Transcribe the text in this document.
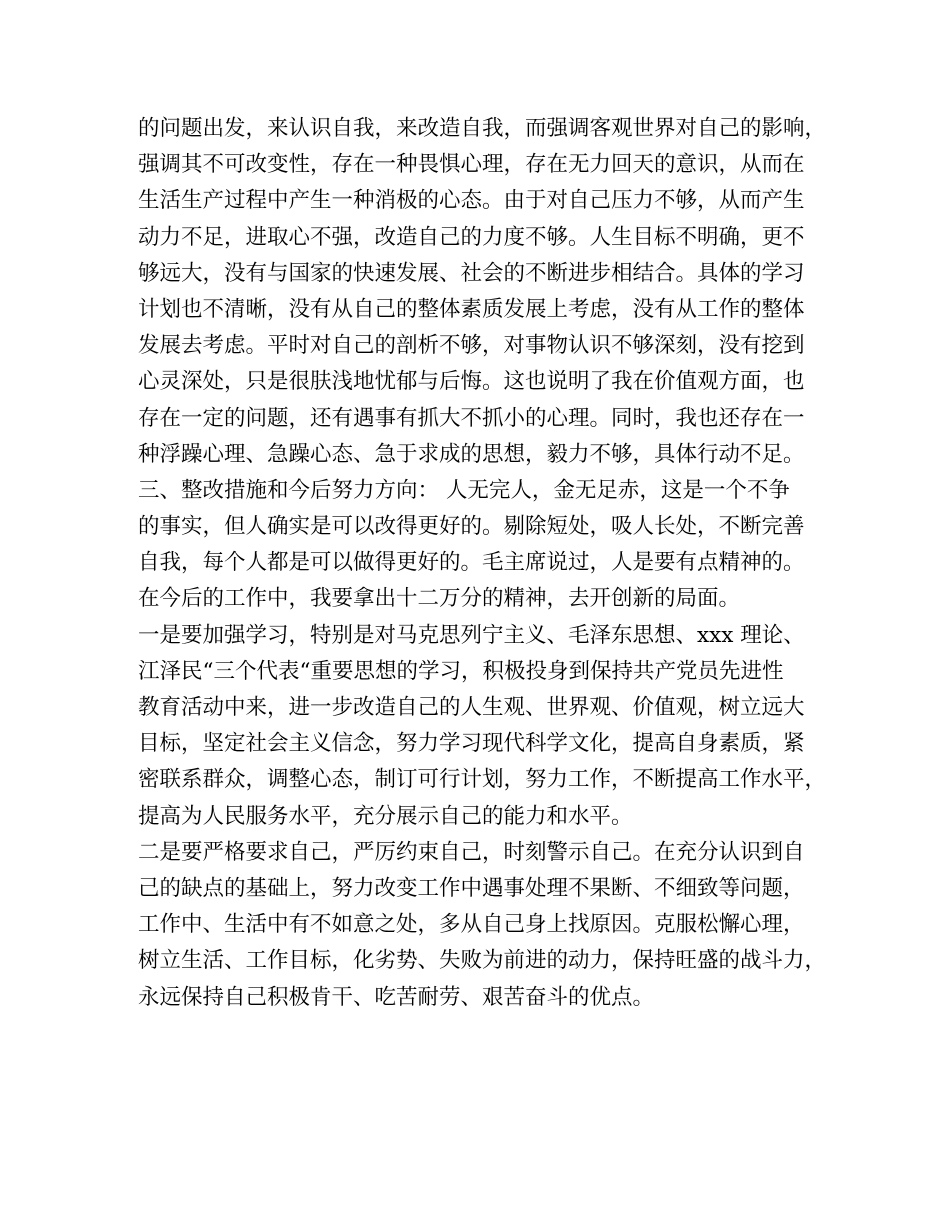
的问题出发，来认识自我，来改造自我，而强调客观世界对自己的影响，
强调其不可改变性，存在一种畏惧心理，存在无力回天的意识，从而在
生活生产过程中产生一种消极的心态。由于对自己压力不够，从而产生
动力不足，进取心不强，改造自己的力度不够。人生目标不明确，更不
够远大，没有与国家的快速发展、社会的不断进步相结合。具体的学习
计划也不清晰，没有从自己的整体素质发展上考虑，没有从工作的整体
发展去考虑。平时对自己的剖析不够，对事物认识不够深刻，没有挖到
心灵深处，只是很肤浅地忧郁与后悔。这也说明了我在价值观方面，也
存在一定的问题，还有遇事有抓大不抓小的心理。同时，我也还存在一
种浮躁心理、急躁心态、急于求成的思想，毅力不够，具体行动不足。
三、整改措施和今后努力方向： 人无完人，金无足赤，这是一个不争
的事实，但人确实是可以改得更好的。剔除短处，吸人长处，不断完善
自我，每个人都是可以做得更好的。毛主席说过，人是要有点精神的。
在今后的工作中，我要拿出十二万分的精神，去开创新的局面。
一是要加强学习，特别是对马克思列宁主义、毛泽东思想、xxx 理论、
江泽民“三个代表“重要思想的学习，积极投身到保持共产党员先进性
教育活动中来，进一步改造自己的人生观、世界观、价值观，树立远大
目标，坚定社会主义信念，努力学习现代科学文化，提高自身素质，紧
密联系群众，调整心态，制订可行计划，努力工作，不断提高工作水平，
提高为人民服务水平，充分展示自己的能力和水平。
二是要严格要求自己，严厉约束自己，时刻警示自己。在充分认识到自
己的缺点的基础上，努力改变工作中遇事处理不果断、不细致等问题，
工作中、生活中有不如意之处，多从自己身上找原因。克服松懈心理，
树立生活、工作目标，化劣势、失败为前进的动力，保持旺盛的战斗力，
永远保持自己积极肯干、吃苦耐劳、艰苦奋斗的优点。
